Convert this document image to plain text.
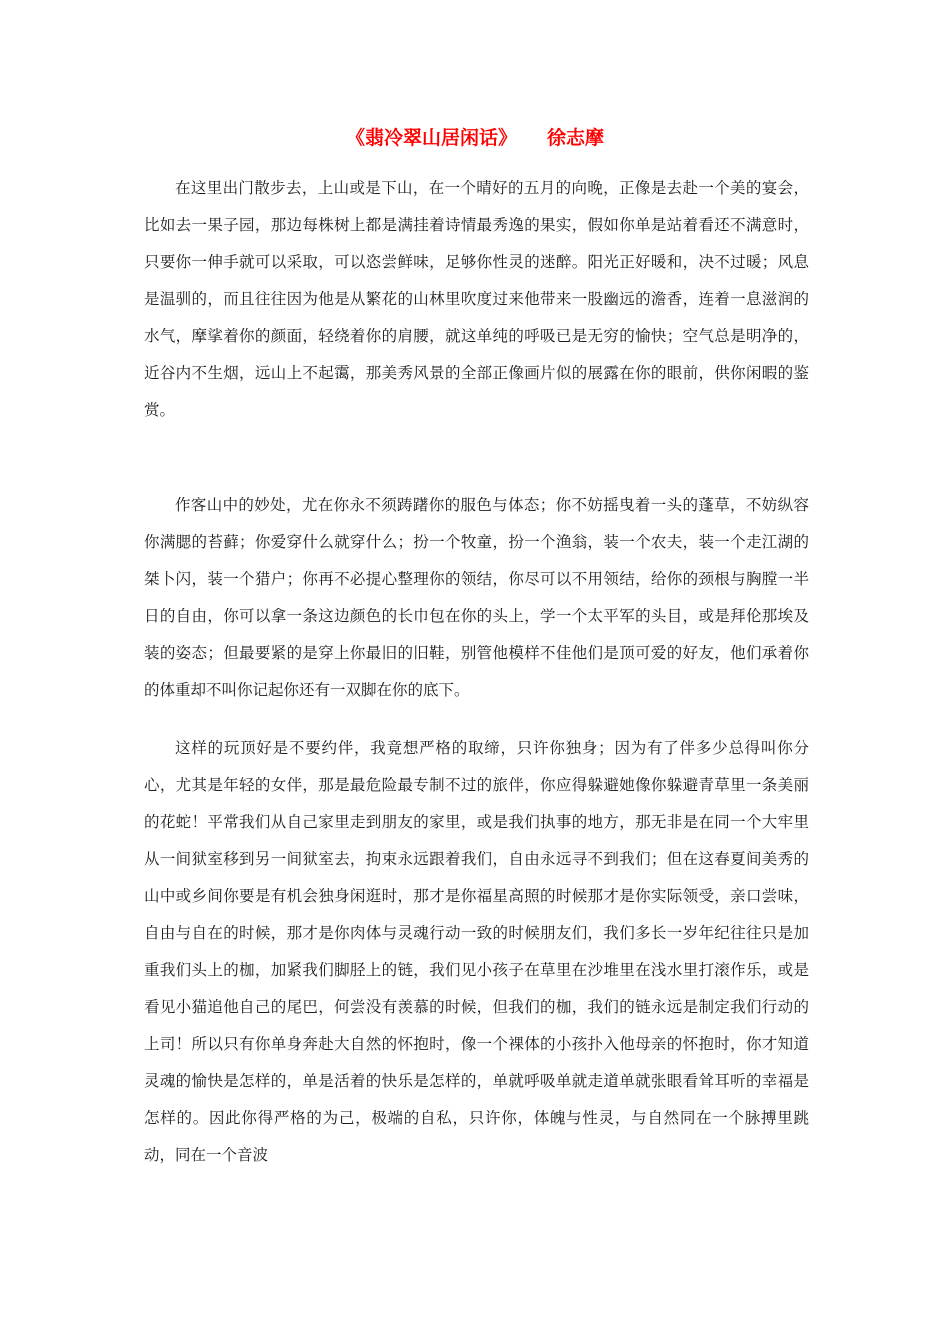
《翡冷翠山居闲话》 徐志摩

在这里出门散步去，上山或是下山，在一个晴好的五月的向晚，正像是去赴一个美的宴会，比如去一果子园，那边每株树上都是满挂着诗情最秀逸的果实，假如你单是站着看还不满意时，只要你一伸手就可以采取，可以恣尝鲜味，足够你性灵的迷醉。阳光正好暖和，决不过暖；风息是温驯的，而且往往因为他是从繁花的山林里吹度过来他带来一股幽远的澹香，连着一息滋润的水气，摩挲着你的颜面，轻绕着你的肩腰，就这单纯的呼吸已是无穷的愉快；空气总是明净的，近谷内不生烟，远山上不起霭，那美秀风景的全部正像画片似的展露在你的眼前，供你闲暇的鉴赏。

作客山中的妙处，尤在你永不须踌躇你的服色与体态；你不妨摇曳着一头的蓬草，不妨纵容你满腮的苔藓；你爱穿什么就穿什么；扮一个牧童，扮一个渔翁，装一个农夫，装一个走江湖的桀卜闪，装一个猎户；你再不必提心整理你的领结，你尽可以不用领结，给你的颈根与胸膛一半日的自由，你可以拿一条这边颜色的长巾包在你的头上，学一个太平军的头目，或是拜伦那埃及装的姿态；但最要紧的是穿上你最旧的旧鞋，别管他模样不佳他们是顶可爱的好友，他们承着你的体重却不叫你记起你还有一双脚在你的底下。

这样的玩顶好是不要约伴，我竟想严格的取缔，只许你独身；因为有了伴多少总得叫你分心，尤其是年轻的女伴，那是最危险最专制不过的旅伴，你应得躲避她像你躲避青草里一条美丽的花蛇！平常我们从自己家里走到朋友的家里，或是我们执事的地方，那无非是在同一个大牢里从一间狱室移到另一间狱室去，拘束永远跟着我们，自由永远寻不到我们；但在这春夏间美秀的山中或乡间你要是有机会独身闲逛时，那才是你福星高照的时候那才是你实际领受，亲口尝味，自由与自在的时候，那才是你肉体与灵魂行动一致的时候朋友们，我们多长一岁年纪往往只是加重我们头上的枷，加紧我们脚胫上的链，我们见小孩子在草里在沙堆里在浅水里打滚作乐，或是看见小猫追他自己的尾巴，何尝没有羡慕的时候，但我们的枷，我们的链永远是制定我们行动的上司！所以只有你单身奔赴大自然的怀抱时，像一个裸体的小孩扑入他母亲的怀抱时，你才知道灵魂的愉快是怎样的，单是活着的快乐是怎样的，单就呼吸单就走道单就张眼看耸耳听的幸福是怎样的。因此你得严格的为己，极端的自私，只许你，体魄与性灵，与自然同在一个脉搏里跳动，同在一个音波
